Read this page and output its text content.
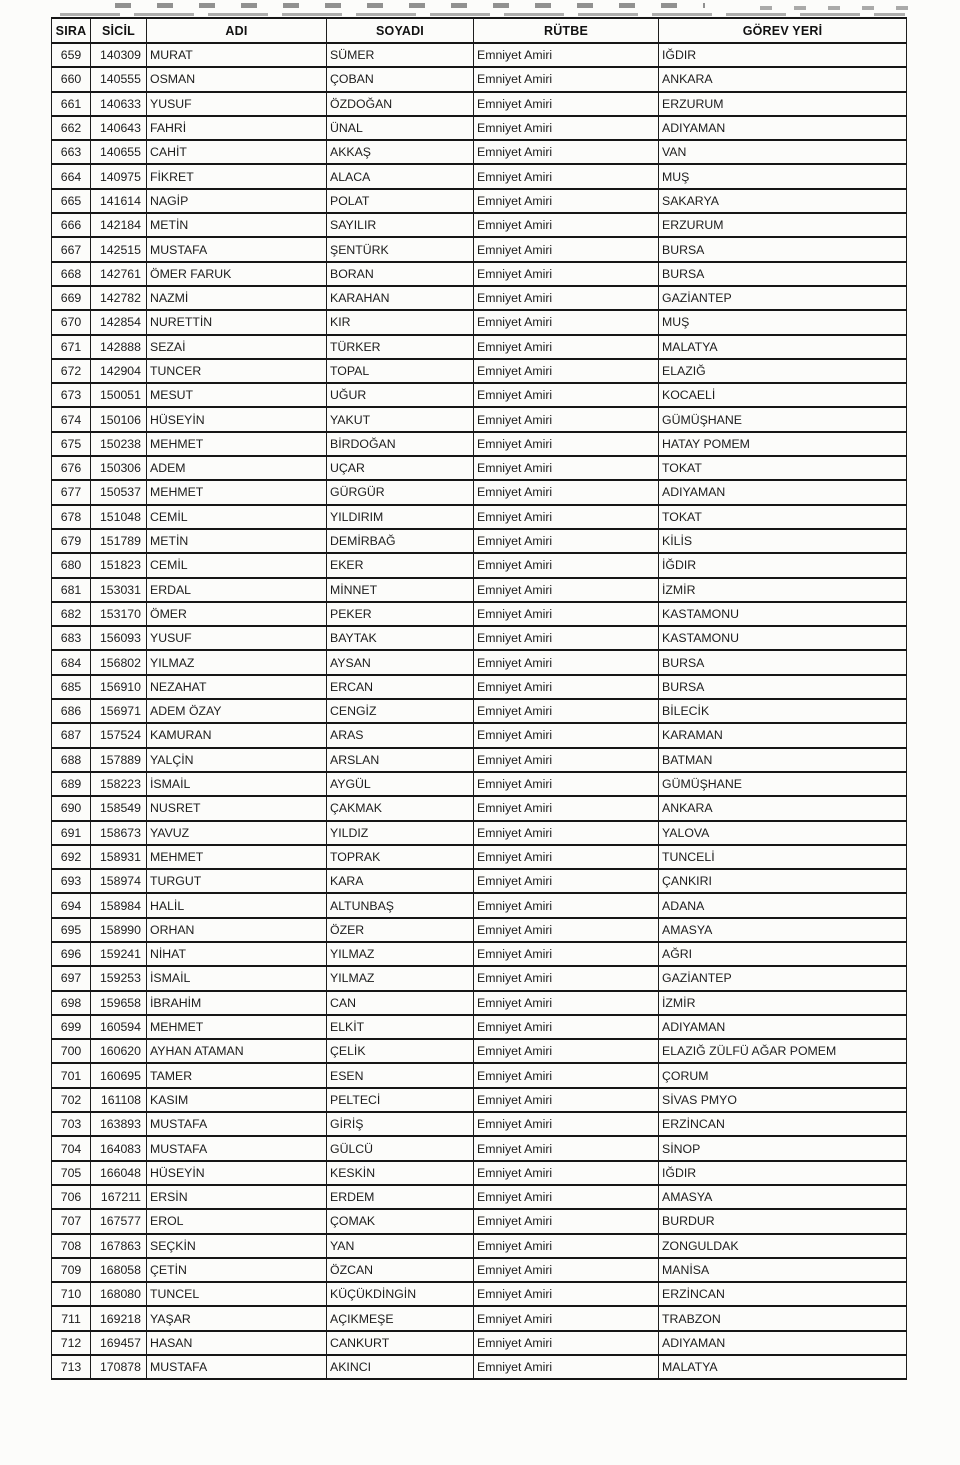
SIRA	SİCİL	ADI	SOYADI	RÜTBE	GÖREV YERİ
659	140309	MURAT	SÜMER	Emniyet Amiri	IĞDIR
660	140555	OSMAN	ÇOBAN	Emniyet Amiri	ANKARA
661	140633	YUSUF	ÖZDOĞAN	Emniyet Amiri	ERZURUM
662	140643	FAHRİ	ÜNAL	Emniyet Amiri	ADIYAMAN
663	140655	CAHİT	AKKAŞ	Emniyet Amiri	VAN
664	140975	FİKRET	ALACA	Emniyet Amiri	MUŞ
665	141614	NAGİP	POLAT	Emniyet Amiri	SAKARYA
666	142184	METİN	SAYILIR	Emniyet Amiri	ERZURUM
667	142515	MUSTAFA	ŞENTÜRK	Emniyet Amiri	BURSA
668	142761	ÖMER FARUK	BORAN	Emniyet Amiri	BURSA
669	142782	NAZMİ	KARAHAN	Emniyet Amiri	GAZİANTEP
670	142854	NURETTİN	KIR	Emniyet Amiri	MUŞ
671	142888	SEZAİ	TÜRKER	Emniyet Amiri	MALATYA
672	142904	TUNCER	TOPAL	Emniyet Amiri	ELAZIĞ
673	150051	MESUT	UĞUR	Emniyet Amiri	KOCAELİ
674	150106	HÜSEYİN	YAKUT	Emniyet Amiri	GÜMÜŞHANE
675	150238	MEHMET	BİRDOĞAN	Emniyet Amiri	HATAY POMEM
676	150306	ADEM	UÇAR	Emniyet Amiri	TOKAT
677	150537	MEHMET	GÜRGÜR	Emniyet Amiri	ADIYAMAN
678	151048	CEMİL	YILDIRIM	Emniyet Amiri	TOKAT
679	151789	METİN	DEMİRBAĞ	Emniyet Amiri	KİLİS
680	151823	CEMİL	EKER	Emniyet Amiri	İĞDIR
681	153031	ERDAL	MİNNET	Emniyet Amiri	İZMİR
682	153170	ÖMER	PEKER	Emniyet Amiri	KASTAMONU
683	156093	YUSUF	BAYTAK	Emniyet Amiri	KASTAMONU
684	156802	YILMAZ	AYSAN	Emniyet Amiri	BURSA
685	156910	NEZAHAT	ERCAN	Emniyet Amiri	BURSA
686	156971	ADEM ÖZAY	CENGİZ	Emniyet Amiri	BİLECİK
687	157524	KAMURAN	ARAS	Emniyet Amiri	KARAMAN
688	157889	YALÇİN	ARSLAN	Emniyet Amiri	BATMAN
689	158223	İSMAİL	AYGÜL	Emniyet Amiri	GÜMÜŞHANE
690	158549	NUSRET	ÇAKMAK	Emniyet Amiri	ANKARA
691	158673	YAVUZ	YILDIZ	Emniyet Amiri	YALOVA
692	158931	MEHMET	TOPRAK	Emniyet Amiri	TUNCELİ
693	158974	TURGUT	KARA	Emniyet Amiri	ÇANKIRI
694	158984	HALİL	ALTUNBAŞ	Emniyet Amiri	ADANA
695	158990	ORHAN	ÖZER	Emniyet Amiri	AMASYA
696	159241	NİHAT	YILMAZ	Emniyet Amiri	AĞRI
697	159253	İSMAİL	YILMAZ	Emniyet Amiri	GAZİANTEP
698	159658	İBRAHİM	CAN	Emniyet Amiri	İZMİR
699	160594	MEHMET	ELKİT	Emniyet Amiri	ADIYAMAN
700	160620	AYHAN ATAMAN	ÇELİK	Emniyet Amiri	ELAZIĞ ZÜLFÜ AĞAR POMEM
701	160695	TAMER	ESEN	Emniyet Amiri	ÇORUM
702	161108	KASIM	PELTECİ	Emniyet Amiri	SİVAS PMYO
703	163893	MUSTAFA	GİRİŞ	Emniyet Amiri	ERZİNCAN
704	164083	MUSTAFA	GÜLCÜ	Emniyet Amiri	SİNOP
705	166048	HÜSEYİN	KESKİN	Emniyet Amiri	IĞDIR
706	167211	ERSİN	ERDEM	Emniyet Amiri	AMASYA
707	167577	EROL	ÇOMAK	Emniyet Amiri	BURDUR
708	167863	SEÇKİN	YAN	Emniyet Amiri	ZONGULDAK
709	168058	ÇETİN	ÖZCAN	Emniyet Amiri	MANİSA
710	168080	TUNCEL	KÜÇÜKDİNGİN	Emniyet Amiri	ERZİNCAN
711	169218	YAŞAR	AÇIKMEŞE	Emniyet Amiri	TRABZON
712	169457	HASAN	CANKURT	Emniyet Amiri	ADIYAMAN
713	170878	MUSTAFA	AKINCI	Emniyet Amiri	MALATYA
